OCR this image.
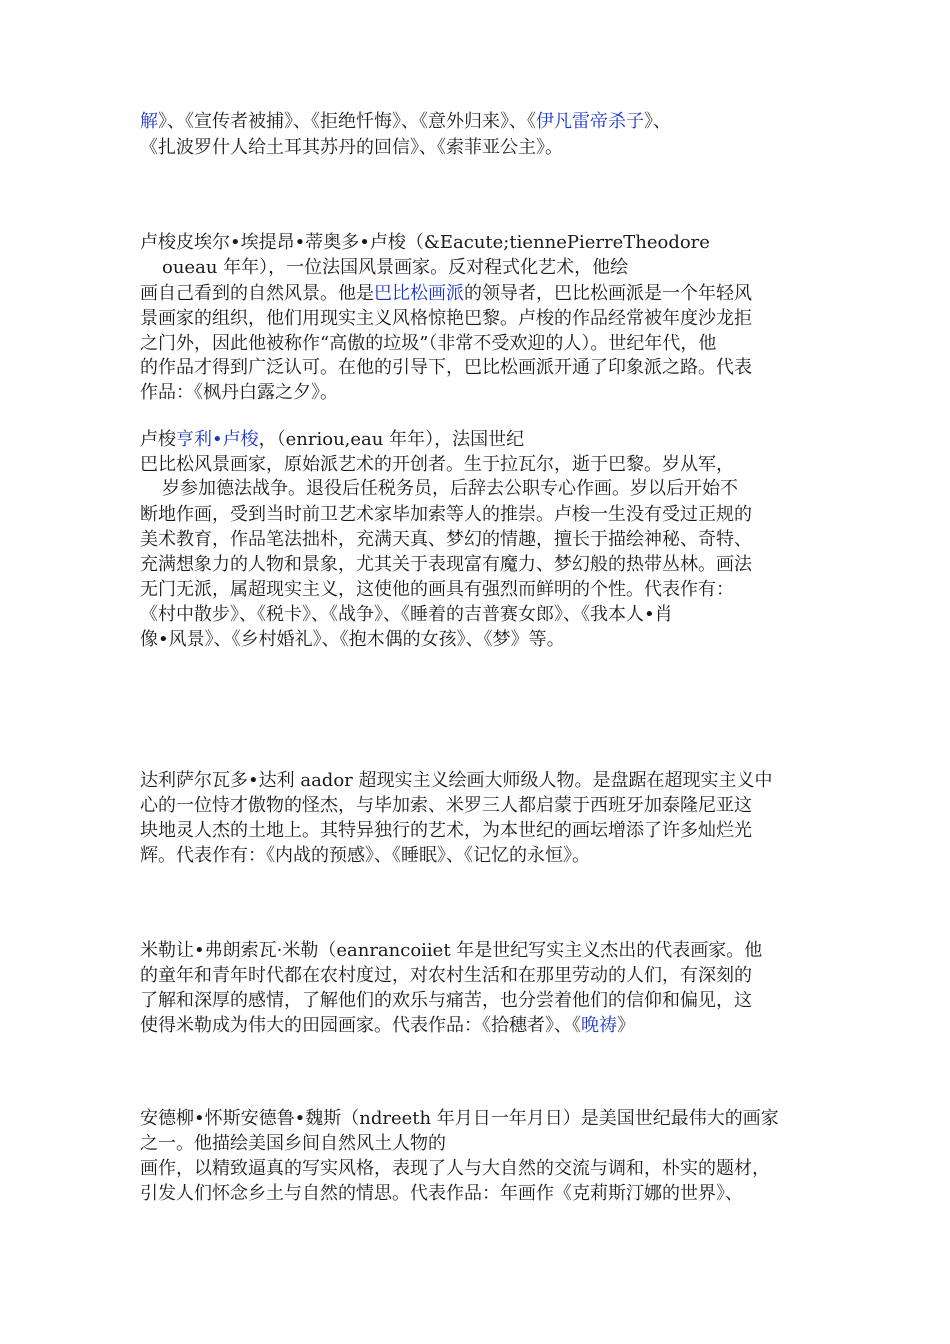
解》、《宣传者被捕》、《拒绝忏悔》、《意外归来》、《伊凡雷帝杀子》、
《扎波罗什人给土耳其苏丹的回信》、《索菲亚公主》。
卢梭皮埃尔•埃提昂•蒂奥多•卢梭（&Eacute;tiennePierreTheodore
oueau 年年），一位法国风景画家。反对程式化艺术，他绘
画自己看到的自然风景。他是巴比松画派的领导者，巴比松画派是一个年轻风
景画家的组织，他们用现实主义风格惊艳巴黎。卢梭的作品经常被年度沙龙拒
之门外，因此他被称作“高傲的垃圾”（非常不受欢迎的人）。世纪年代，他
的作品才得到广泛认可。在他的引导下，巴比松画派开通了印象派之路。代表
作品：《枫丹白露之夕》。
卢梭亨利•卢梭，（enriou,eau 年年），法国世纪
巴比松风景画家，原始派艺术的开创者。生于拉瓦尔，逝于巴黎。岁从军，
岁参加德法战争。退役后任税务员，后辞去公职专心作画。岁以后开始不
断地作画，受到当时前卫艺术家毕加索等人的推崇。卢梭一生没有受过正规的
美术教育，作品笔法拙朴，充满天真、梦幻的情趣，擅长于描绘神秘、奇特、
充满想象力的人物和景象，尤其关于表现富有魔力、梦幻般的热带丛林。画法
无门无派，属超现实主义，这使他的画具有强烈而鲜明的个性。代表作有：
《村中散步》、《税卡》、《战争》、《睡着的吉普赛女郎》、《我本人•肖
像•风景》、《乡村婚礼》、《抱木偶的女孩》、《梦》等。
达利萨尔瓦多•达利 aador 超现实主义绘画大师级人物。是盘踞在超现实主义中
心的一位恃才傲物的怪杰，与毕加索、米罗三人都启蒙于西班牙加泰隆尼亚这
块地灵人杰的土地上。其特异独行的艺术，为本世纪的画坛增添了许多灿烂光
辉。代表作有：《内战的预感》、《睡眠》、《记忆的永恒》。
米勒让•弗朗索瓦·米勒（eanrancoiiet 年是世纪写实主义杰出的代表画家。他
的童年和青年时代都在农村度过，对农村生活和在那里劳动的人们，有深刻的
了解和深厚的感情，了解他们的欢乐与痛苦，也分尝着他们的信仰和偏见，这
使得米勒成为伟大的田园画家。代表作品：《拾穗者》、《晚祷》
安德柳•怀斯安德鲁•魏斯（ndreeth 年月日一年月日）是美国世纪最伟大的画家
之一。他描绘美国乡间自然风土人物的
画作，以精致逼真的写实风格，表现了人与大自然的交流与调和，朴实的题材，
引发人们怀念乡土与自然的情思。代表作品：年画作《克莉斯汀娜的世界》、
